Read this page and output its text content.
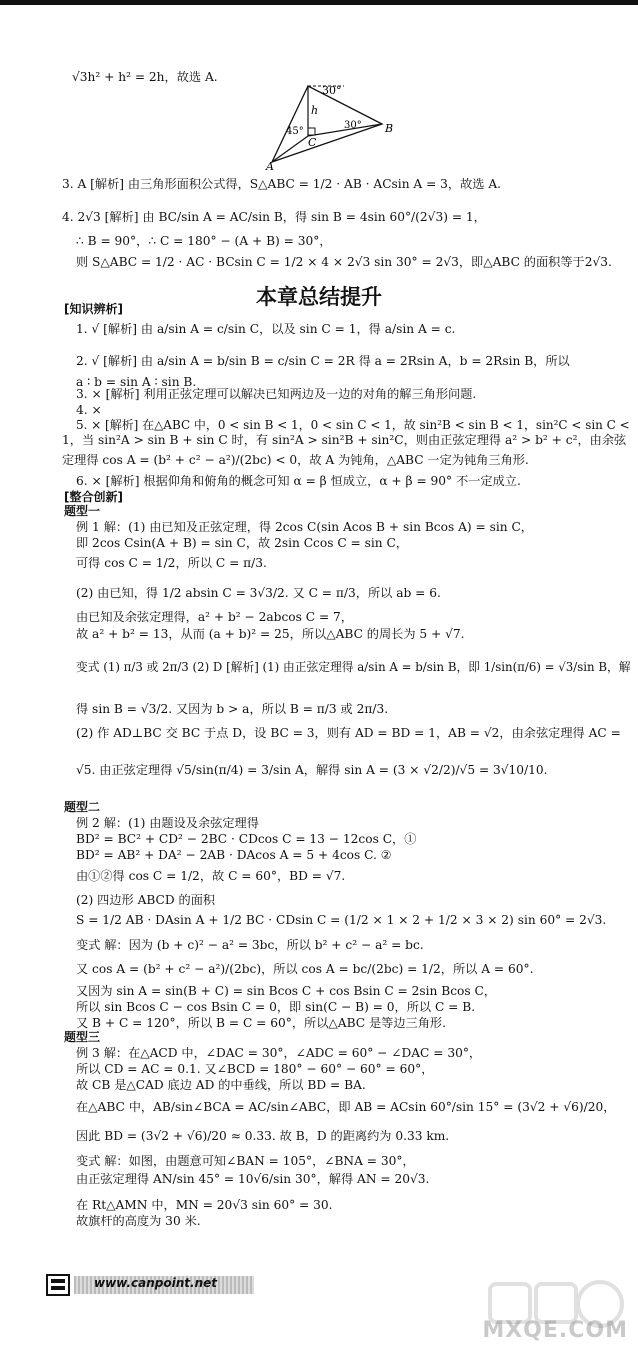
√3h² + h² = 2h，故选 A.
3. A [解析] 由三角形面积公式得，S△ABC = 1/2 · AB · ACsin A = 3，故选 A.
4. 2√3 [解析] 由 BC/sin A = AC/sin B，得 sin B = 4sin 60°/(2√3) = 1，
∴ B = 90°，∴ C = 180° − (A + B) = 30°，
则 S△ABC = 1/2 · AC · BCsin C = 1/2 × 4 × 2√3 sin 30° = 2√3，即△ABC 的面积等于2√3.
1. √ [解析] 由 a/sin A = c/sin C，以及 sin C = 1，得 a/sin A = c.
2. √ [解析] 由 a/sin A = b/sin B = c/sin C = 2R 得 a = 2Rsin A，b = 2Rsin B，所以
a ∶ b = sin A ∶ sin B.
3. × [解析] 利用正弦定理可以解决已知两边及一边的对角的解三角形问题.
4. ×
5. × [解析] 在△ABC 中，0 < sin B < 1，0 < sin C < 1，故 sin²B < sin B < 1，sin²C < sin C <
1，当 sin²A > sin B + sin C 时，有 sin²A > sin²B + sin²C，则由正弦定理得 a² > b² + c²，由余弦
定理得 cos A = (b² + c² − a²)/(2bc) < 0，故 A 为钝角，△ABC 一定为钝角三角形.
6. × [解析] 根据仰角和俯角的概念可知 α = β 恒成立，α + β = 90° 不一定成立.
例 1 解：(1) 由已知及正弦定理，得 2cos C(sin Acos B + sin Bcos A) = sin C，
即 2cos Csin(A + B) = sin C，故 2sin Ccos C = sin C，
可得 cos C = 1/2，所以 C = π/3.
(2) 由已知，得 1/2 absin C = 3√3/2. 又 C = π/3，所以 ab = 6.
由已知及余弦定理得，a² + b² − 2abcos C = 7，
故 a² + b² = 13，从而 (a + b)² = 25，所以△ABC 的周长为 5 + √7.
变式 (1) π/3 或 2π/3 (2) D [解析] (1) 由正弦定理得 a/sin A = b/sin B，即 1/sin(π/6) = √3/sin B，解
得 sin B = √3/2. 又因为 b > a，所以 B = π/3 或 2π/3.
(2) 作 AD⊥BC 交 BC 于点 D，设 BC = 3，则有 AD = BD = 1，AB = √2，由余弦定理得 AC =
√5. 由正弦定理得 √5/sin(π/4) = 3/sin A，解得 sin A = (3 × √2/2)/√5 = 3√10/10.
例 2 解：(1) 由题设及余弦定理得
BD² = BC² + CD² − 2BC · CDcos C = 13 − 12cos C，①
BD² = AB² + DA² − 2AB · DAcos A = 5 + 4cos C. ②
由①②得 cos C = 1/2，故 C = 60°，BD = √7.
(2) 四边形 ABCD 的面积
S = 1/2 AB · DAsin A + 1/2 BC · CDsin C = (1/2 × 1 × 2 + 1/2 × 3 × 2) sin 60° = 2√3.
变式 解：因为 (b + c)² − a² = 3bc，所以 b² + c² − a² = bc.
又 cos A = (b² + c² − a²)/(2bc)，所以 cos A = bc/(2bc) = 1/2，所以 A = 60°.
又因为 sin A = sin(B + C) = sin Bcos C + cos Bsin C = 2sin Bcos C，
所以 sin Bcos C − cos Bsin C = 0，即 sin(C − B) = 0，所以 C = B.
又 B + C = 120°，所以 B = C = 60°，所以△ABC 是等边三角形.
例 3 解：在△ACD 中，∠DAC = 30°，∠ADC = 60° − ∠DAC = 30°，
所以 CD = AC = 0.1. 又∠BCD = 180° − 60° − 60° = 60°，
故 CB 是△CAD 底边 AD 的中垂线，所以 BD = BA.
在△ABC 中，AB/sin∠BCA = AC/sin∠ABC，即 AB = ACsin 60°/sin 15° = (3√2 + √6)/20，
因此 BD = (3√2 + √6)/20 ≈ 0.33. 故 B，D 的距离约为 0.33 km.
变式 解：如图，由题意可知∠BAN = 105°，∠BNA = 30°，
由正弦定理得 AN/sin 45° = 10√6/sin 30°，解得 AN = 20√3.
在 Rt△AMN 中，MN = 20√3 sin 60° = 30.
故旗杆的高度为 30 米.
本章总结提升
[知识辨析]
[整合创新]
题型一
题型二
题型三
30°
h
45°
C
30° B
A
www.canpoint.net
MXQE.COM
